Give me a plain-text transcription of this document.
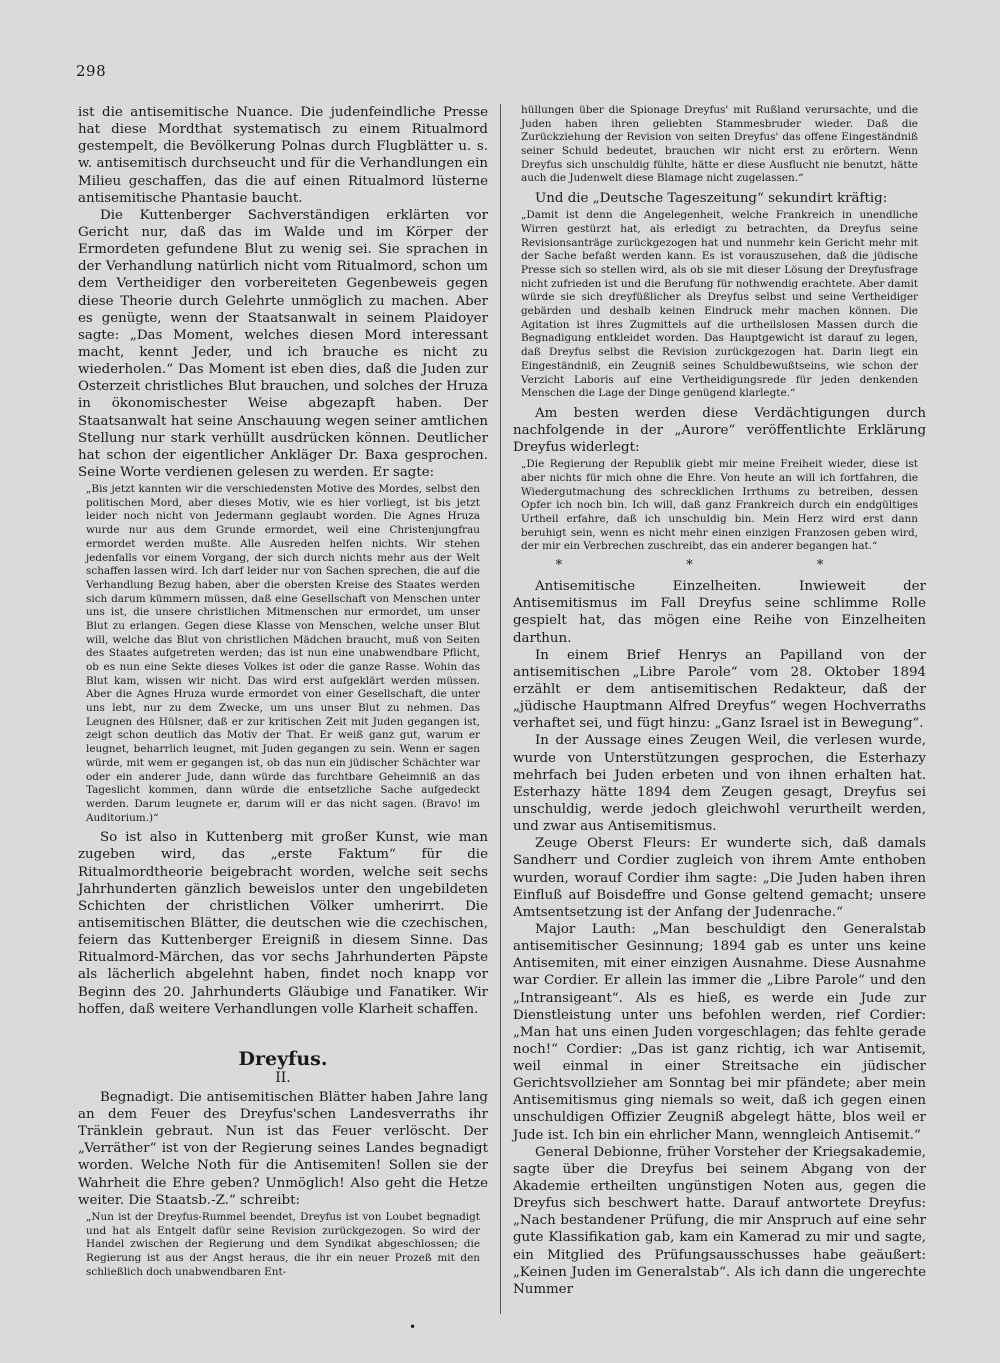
298

ist die antisemitische Nuance. Die judenfeindliche Presse hat diese Mordthat systematisch zu einem Ritualmord gestempelt, die Bevölkerung Polnas durch Flugblätter u. s. w. antisemitisch durchseucht und für die Verhandlungen ein Milieu geschaffen, das die auf einen Ritualmord lüsterne antisemitische Phantasie baucht.

Die Kuttenberger Sachverständigen erklärten vor Gericht nur, daß das im Walde und im Körper der Ermordeten gefundene Blut zu wenig sei. Sie sprachen in der Verhandlung natürlich nicht vom Ritualmord, schon um dem Vertheidiger den vorbereiteten Gegenbeweis gegen diese Theorie durch Gelehrte unmöglich zu machen. Aber es genügte, wenn der Staatsanwalt in seinem Plaidoyer sagte: „Das Moment, welches diesen Mord interessant macht, kennt Jeder, und ich brauche es nicht zu wiederholen.“ Das Moment ist eben dies, daß die Juden zur Osterzeit christliches Blut brauchen, und solches der Hruza in ökonomischester Weise abgezapft haben. Der Staatsanwalt hat seine Anschauung wegen seiner amtlichen Stellung nur stark verhüllt ausdrücken können. Deutlicher hat schon der eigentlicher Ankläger Dr. Baxa gesprochen. Seine Worte verdienen gelesen zu werden. Er sagte:

„Bis jetzt kannten wir die verschiedensten Motive des Mordes, selbst den politischen Mord, aber dieses Motiv, wie es hier vorliegt, ist bis jetzt leider noch nicht von Jedermann geglaubt worden. Die Agnes Hruza wurde nur aus dem Grunde ermordet, weil eine Christenjungfrau ermordet werden mußte. Alle Ausreden helfen nichts. Wir stehen jedenfalls vor einem Vorgang, der sich durch nichts mehr aus der Welt schaffen lassen wird. Ich darf leider nur von Sachen sprechen, die auf die Verhandlung Bezug haben, aber die obersten Kreise des Staates werden sich darum kümmern müssen, daß eine Gesellschaft von Menschen unter uns ist, die unsere christlichen Mitmenschen nur ermordet, um unser Blut zu erlangen. Gegen diese Klasse von Menschen, welche unser Blut will, welche das Blut von christlichen Mädchen braucht, muß von Seiten des Staates aufgetreten werden; das ist nun eine unabwendbare Pflicht, ob es nun eine Sekte dieses Volkes ist oder die ganze Rasse. Wohin das Blut kam, wissen wir nicht. Das wird erst aufgeklärt werden müssen. Aber die Agnes Hruza wurde ermordet von einer Gesellschaft, die unter uns lebt, nur zu dem Zwecke, um uns unser Blut zu nehmen. Das Leugnen des Hülsner, daß er zur kritischen Zeit mit Juden gegangen ist, zeigt schon deutlich das Motiv der That. Er weiß ganz gut, warum er leugnet, beharrlich leugnet, mit Juden gegangen zu sein. Wenn er sagen würde, mit wem er gegangen ist, ob das nun ein jüdischer Schächter war oder ein anderer Jude, dann würde das furchtbare Geheimniß an das Tageslicht kommen, dann würde die entsetzliche Sache aufgedeckt werden. Darum leugnete er, darum will er das nicht sagen. (Bravo! im Auditorium.)“

So ist also in Kuttenberg mit großer Kunst, wie man zugeben wird, das „erste Faktum“ für die Ritualmordtheorie beigebracht worden, welche seit sechs Jahrhunderten gänzlich beweislos unter den ungebildeten Schichten der christlichen Völker umherirrt. Die antisemitischen Blätter, die deutschen wie die czechischen, feiern das Kuttenberger Ereigniß in diesem Sinne. Das Ritualmord-Märchen, das vor sechs Jahrhunderten Päpste als lächerlich abgelehnt haben, findet noch knapp vor Beginn des 20. Jahrhunderts Gläubige und Fanatiker. Wir hoffen, daß weitere Verhandlungen volle Klarheit schaffen.

Dreyfus.
II.

Begnadigt. Die antisemitischen Blätter haben Jahre lang an dem Feuer des Dreyfus'schen Landesverraths ihr Tränklein gebraut. Nun ist das Feuer verlöscht. Der „Verräther“ ist von der Regierung seines Landes begnadigt worden. Welche Noth für die Antisemiten! Sollen sie der Wahrheit die Ehre geben? Unmöglich! Also geht die Hetze weiter. Die Staatsb.-Z.“ schreibt:

„Nun ist der Dreyfus-Rummel beendet, Dreyfus ist von Loubet begnadigt und hat als Entgelt dafür seine Revision zurückgezogen. So wird der Handel zwischen der Regierung und dem Syndikat abgeschlossen; die Regierung ist aus der Angst heraus, die ihr ein neuer Prozeß mit den schließlich doch unabwendbaren Ent-

hüllungen über die Spionage Dreyfus' mit Rußland verursachte, und die Juden haben ihren geliebten Stammesbruder wieder. Daß die Zurückziehung der Revision von seiten Dreyfus' das offene Eingeständniß seiner Schuld bedeutet, brauchen wir nicht erst zu erörtern. Wenn Dreyfus sich unschuldig fühlte, hätte er diese Ausflucht nie benutzt, hätte auch die Judenwelt diese Blamage nicht zugelassen.“

Und die „Deutsche Tageszeitung“ sekundirt kräftig:

„Damit ist denn die Angelegenheit, welche Frankreich in unendliche Wirren gestürzt hat, als erledigt zu betrachten, da Dreyfus seine Revisionsanträge zurückgezogen hat und nunmehr kein Gericht mehr mit der Sache befaßt werden kann. Es ist vorauszusehen, daß die jüdische Presse sich so stellen wird, als ob sie mit dieser Lösung der Dreyfusfrage nicht zufrieden ist und die Berufung für nothwendig erachtete. Aber damit würde sie sich dreyfüßlicher als Dreyfus selbst und seine Vertheidiger gebärden und deshalb keinen Eindruck mehr machen können. Die Agitation ist ihres Zugmittels auf die urtheilslosen Massen durch die Begnadigung entkleidet worden. Das Hauptgewicht ist darauf zu legen, daß Dreyfus selbst die Revision zurückgezogen hat. Darin liegt ein Eingeständniß, ein Zeugniß seines Schuldbewußtseins, wie schon der Verzicht Laboris auf eine Vertheidigungsrede für jeden denkenden Menschen die Lage der Dinge genügend klarlegte.“

Am besten werden diese Verdächtigungen durch nachfolgende in der „Aurore“ veröffentlichte Erklärung Dreyfus widerlegt:

„Die Regierung der Republik giebt mir meine Freiheit wieder, diese ist aber nichts für mich ohne die Ehre. Von heute an will ich fortfahren, die Wiedergutmachung des schrecklichen Irrthums zu betreiben, dessen Opfer ich noch bin. Ich will, daß ganz Frankreich durch ein endgültiges Urtheil erfahre, daß ich unschuldig bin. Mein Herz wird erst dann beruhigt sein, wenn es nicht mehr einen einzigen Franzosen geben wird, der mir ein Verbrechen zuschreibt, das ein anderer begangen hat.“

* * *

Antisemitische Einzelheiten. Inwieweit der Antisemitismus im Fall Dreyfus seine schlimme Rolle gespielt hat, das mögen eine Reihe von Einzelheiten darthun.

In einem Brief Henrys an Papilland von der antisemitischen „Libre Parole“ vom 28. Oktober 1894 erzählt er dem antisemitischen Redakteur, daß der „jüdische Hauptmann Alfred Dreyfus“ wegen Hochverraths verhaftet sei, und fügt hinzu: „Ganz Israel ist in Bewegung“.

In der Aussage eines Zeugen Weil, die verlesen wurde, wurde von Unterstützungen gesprochen, die Esterhazy mehrfach bei Juden erbeten und von ihnen erhalten hat. Esterhazy hätte 1894 dem Zeugen gesagt, Dreyfus sei unschuldig, werde jedoch gleichwohl verurtheilt werden, und zwar aus Antisemitismus.

Zeuge Oberst Fleurs: Er wunderte sich, daß damals Sandherr und Cordier zugleich von ihrem Amte enthoben wurden, worauf Cordier ihm sagte: „Die Juden haben ihren Einfluß auf Boisdeffre und Gonse geltend gemacht; unsere Amtsentsetzung ist der Anfang der Judenrache.“

Major Lauth: „Man beschuldigt den Generalstab antisemitischer Gesinnung; 1894 gab es unter uns keine Antisemiten, mit einer einzigen Ausnahme. Diese Ausnahme war Cordier. Er allein las immer die „Libre Parole“ und den „Intransigeant“. Als es hieß, es werde ein Jude zur Dienstleistung unter uns befohlen werden, rief Cordier: „Man hat uns einen Juden vorgeschlagen; das fehlte gerade noch!“ Cordier: „Das ist ganz richtig, ich war Antisemit, weil einmal in einer Streitsache ein jüdischer Gerichtsvollzieher am Sonntag bei mir pfändete; aber mein Antisemitismus ging niemals so weit, daß ich gegen einen unschuldigen Offizier Zeugniß abgelegt hätte, blos weil er Jude ist. Ich bin ein ehrlicher Mann, wenngleich Antisemit.“

General Debionne, früher Vorsteher der Kriegsakademie, sagte über die Dreyfus bei seinem Abgang von der Akademie ertheilten ungünstigen Noten aus, gegen die Dreyfus sich beschwert hatte. Darauf antwortete Dreyfus: „Nach bestandener Prüfung, die mir Anspruch auf eine sehr gute Klassifikation gab, kam ein Kamerad zu mir und sagte, ein Mitglied des Prüfungsausschusses habe geäußert: „Keinen Juden im Generalstab“. Als ich dann die ungerechte Nummer

•
